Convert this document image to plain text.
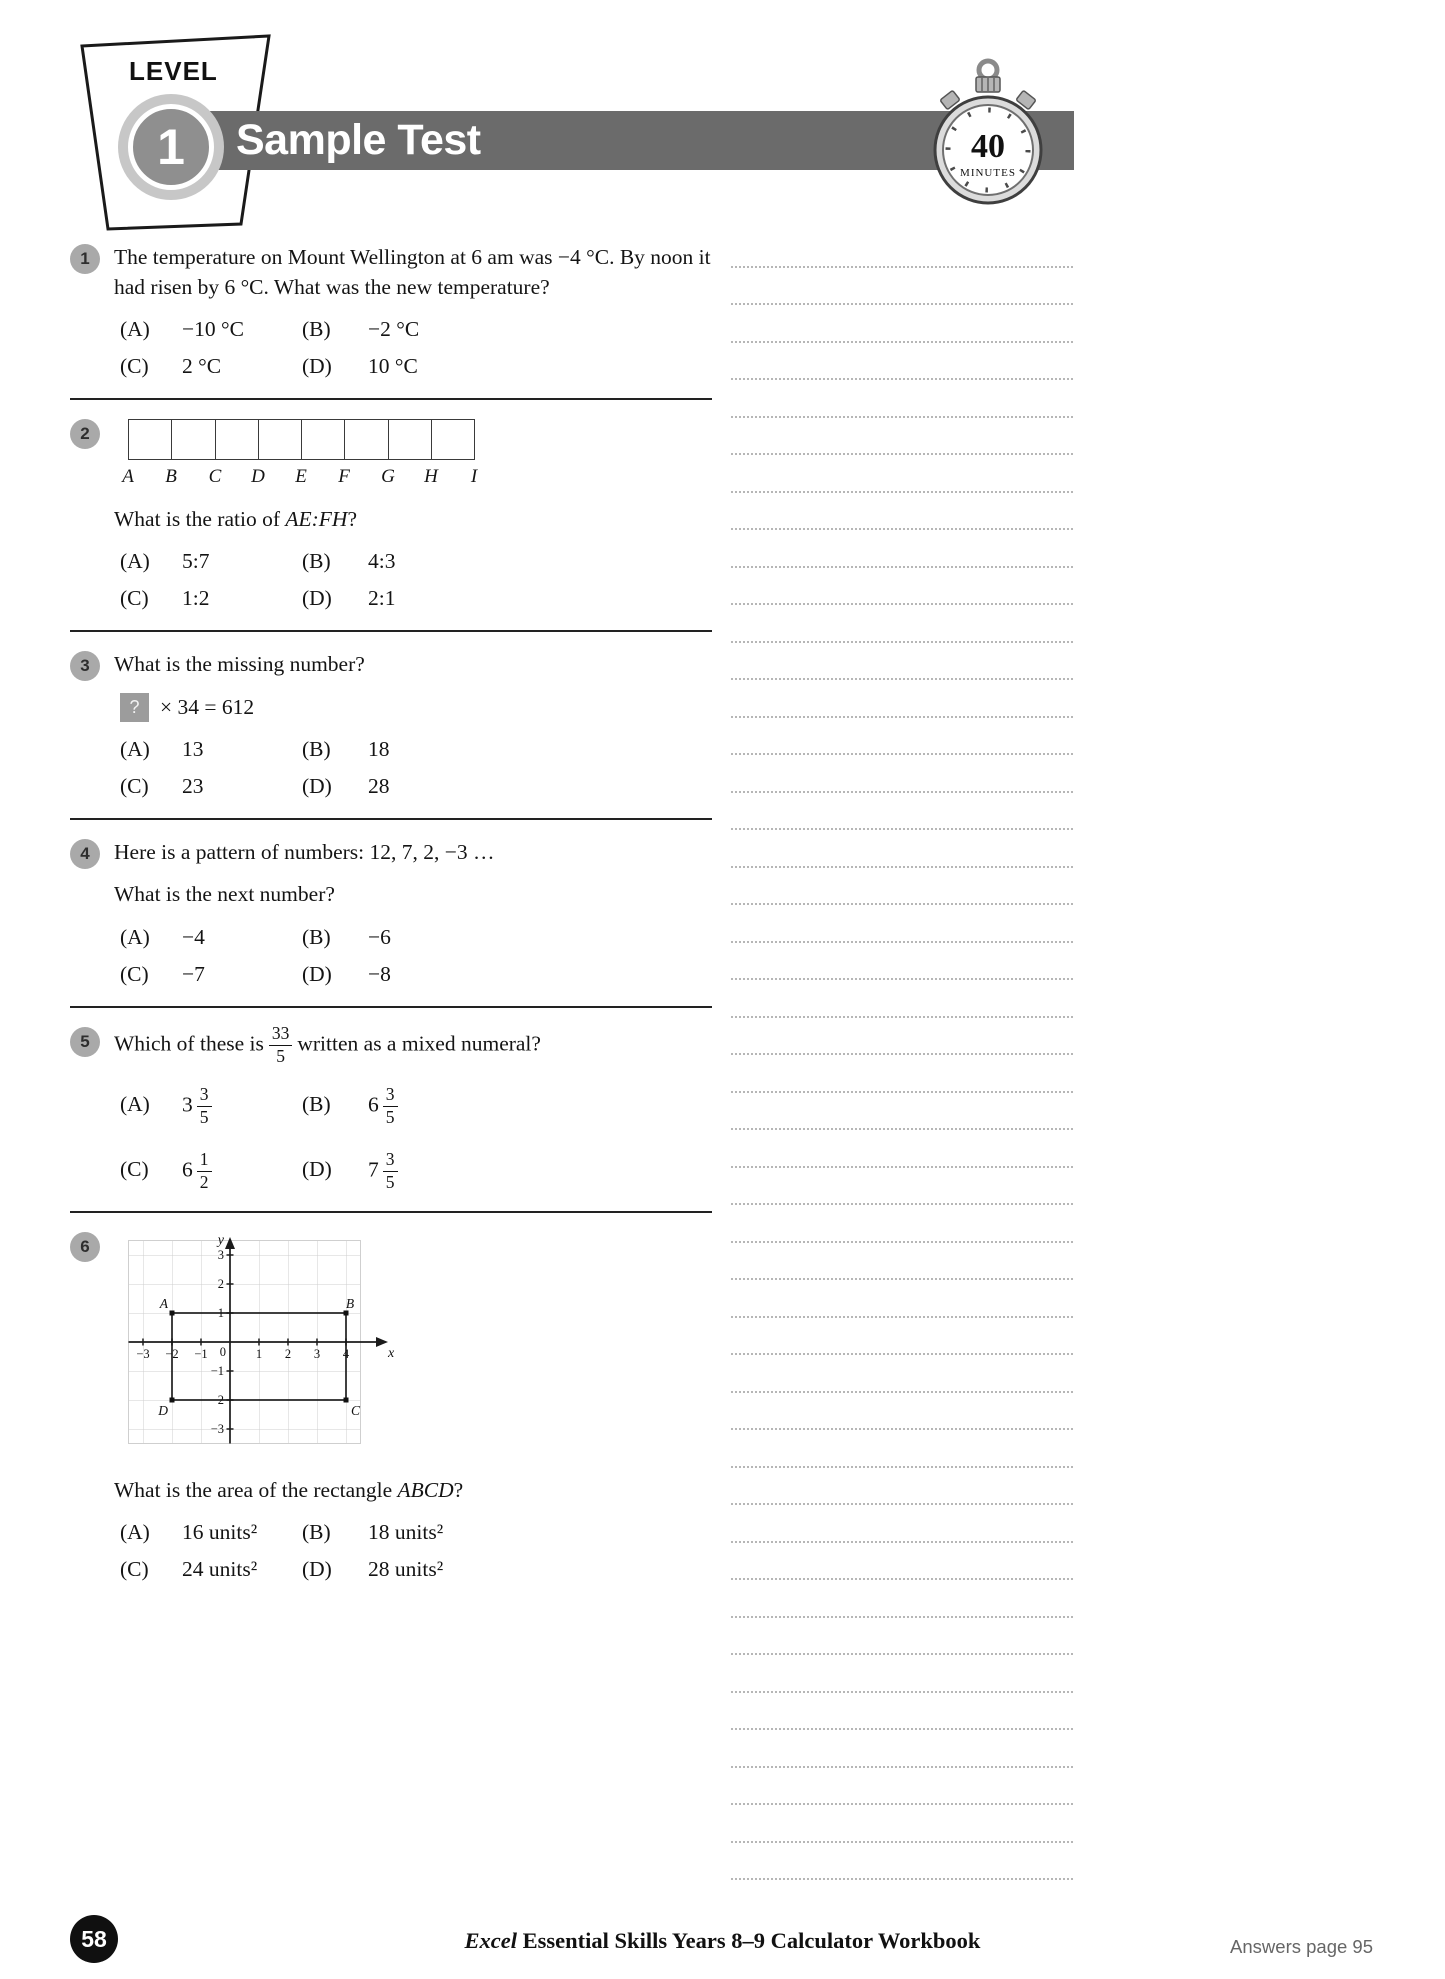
Sample Test
LEVEL
1	40
MINUTES
1 The temperature on Mount Wellington at 6 am was −4 °C. By noon it had risen by 6 °C. What was the new temperature?

(A)	−10 °C	(B)	−2 °C
(C)	2 °C	(D)	10 °C
2
A B C D E F G H I

What is the ratio of AE:FH?

(A)	5:7	(B)	4:3
(C)	1:2	(D)	2:1
3 What is the missing number?

? × 34 = 612
(A)	13	(B)	18
(C)	23	(D)	28
4 Here is a pattern of numbers: 12, 7, 2, −3 …

What is the next number?

(A)	−4	(B)	−6
(C)	−7	(D)	−8
5 Which of these is $\frac{33}{5}$ written as a mixed numeral?

(A)	$3 \frac{3}{5}$	(B)	$6 \frac{3}{5}$
(C)	$6 \frac{1}{2}$	(D)	$7 \frac{3}{5}$
6
−3 −2 −1	1 2 3 4
3
2
1
−1
−2
−3
0	x
y
A	B
C
D

What is the area of the rectangle ABCD?

(A)	16 units²	(B)	18 units²
(C)	24 units²	(D)	28 units²
58	Excel Essential Skills Years 8–9 Calculator Workbook	Answers page 95
